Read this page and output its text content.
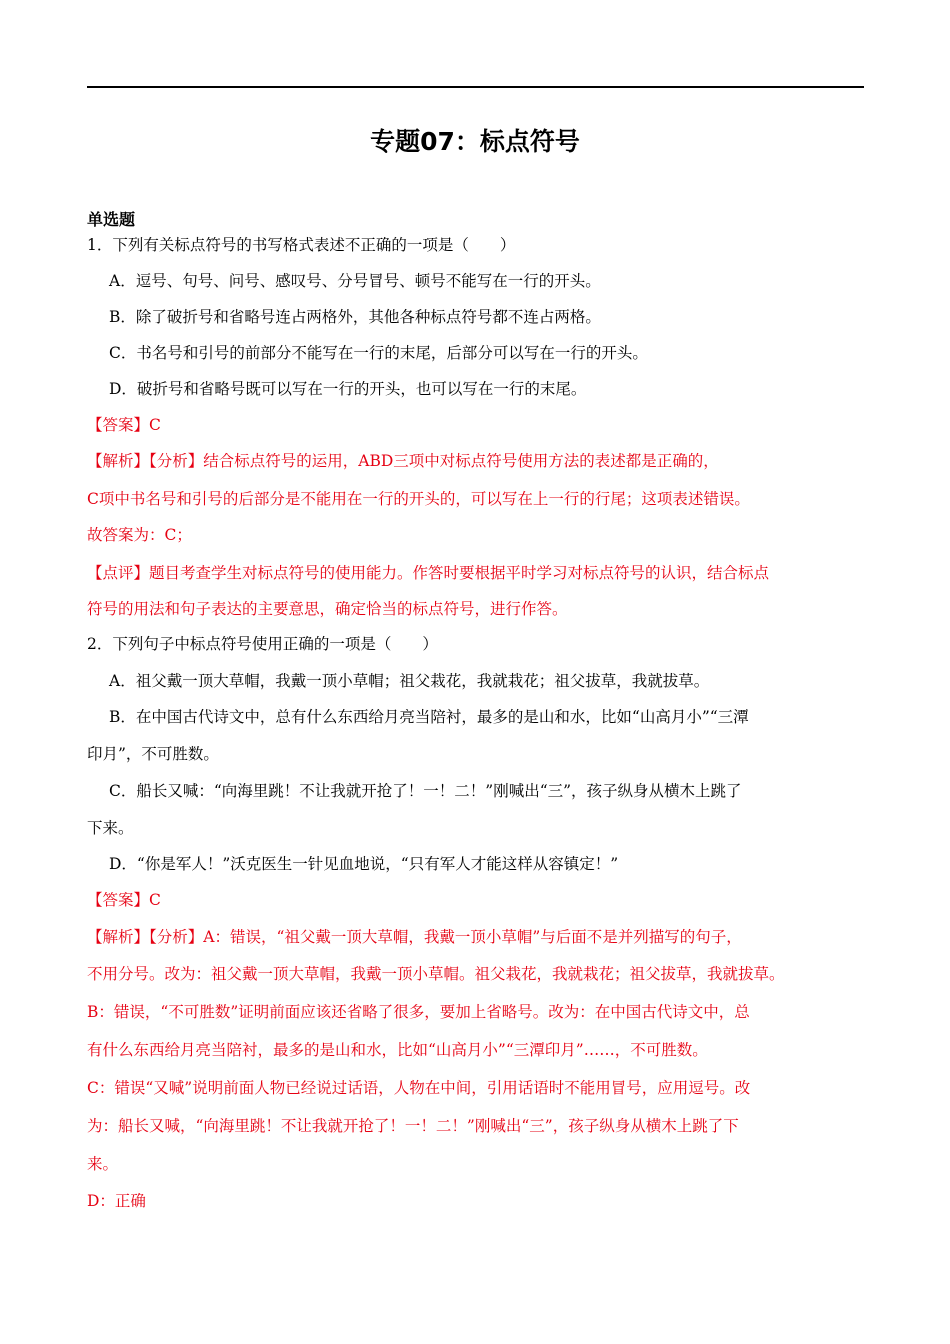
专题07：标点符号
单选题
1．下列有关标点符号的书写格式表述不正确的一项是（　　）
A．逗号、句号、问号、感叹号、分号冒号、顿号不能写在一行的开头。
B．除了破折号和省略号连占两格外，其他各种标点符号都不连占两格。
C．书名号和引号的前部分不能写在一行的末尾，后部分可以写在一行的开头。
D．破折号和省略号既可以写在一行的开头，也可以写在一行的末尾。
【答案】C
【解析】【分析】结合标点符号的运用，ABD三项中对标点符号使用方法的表述都是正确的，
C项中书名号和引号的后部分是不能用在一行的开头的，可以写在上一行的行尾；这项表述错误。
故答案为：C；
【点评】题目考查学生对标点符号的使用能力。作答时要根据平时学习对标点符号的认识，结合标点
符号的用法和句子表达的主要意思，确定恰当的标点符号，进行作答。
2．下列句子中标点符号使用正确的一项是（　　）
A．祖父戴一顶大草帽，我戴一顶小草帽；祖父栽花，我就栽花；祖父拔草，我就拔草。
B．在中国古代诗文中，总有什么东西给月亮当陪衬，最多的是山和水，比如“山高月小”“三潭
印月”，不可胜数。
C．船长又喊：“向海里跳！不让我就开抢了！一！二！”刚喊出“三”，孩子纵身从横木上跳了
下来。
D．“你是军人！”沃克医生一针见血地说，“只有军人才能这样从容镇定！”
【答案】C
【解析】【分析】A：错误，“祖父戴一顶大草帽，我戴一顶小草帽”与后面不是并列描写的句子，
不用分号。改为：祖父戴一顶大草帽，我戴一顶小草帽。祖父栽花，我就栽花；祖父拔草，我就拔草。
B：错误，“不可胜数”证明前面应该还省略了很多，要加上省略号。改为：在中国古代诗文中，总
有什么东西给月亮当陪衬，最多的是山和水，比如“山高月小”“三潭印月”……，不可胜数。
C：错误“又喊”说明前面人物已经说过话语，人物在中间，引用话语时不能用冒号，应用逗号。改
为：船长又喊，“向海里跳！不让我就开抢了！一！二！”刚喊出“三”，孩子纵身从横木上跳了下
来。
D：正确
